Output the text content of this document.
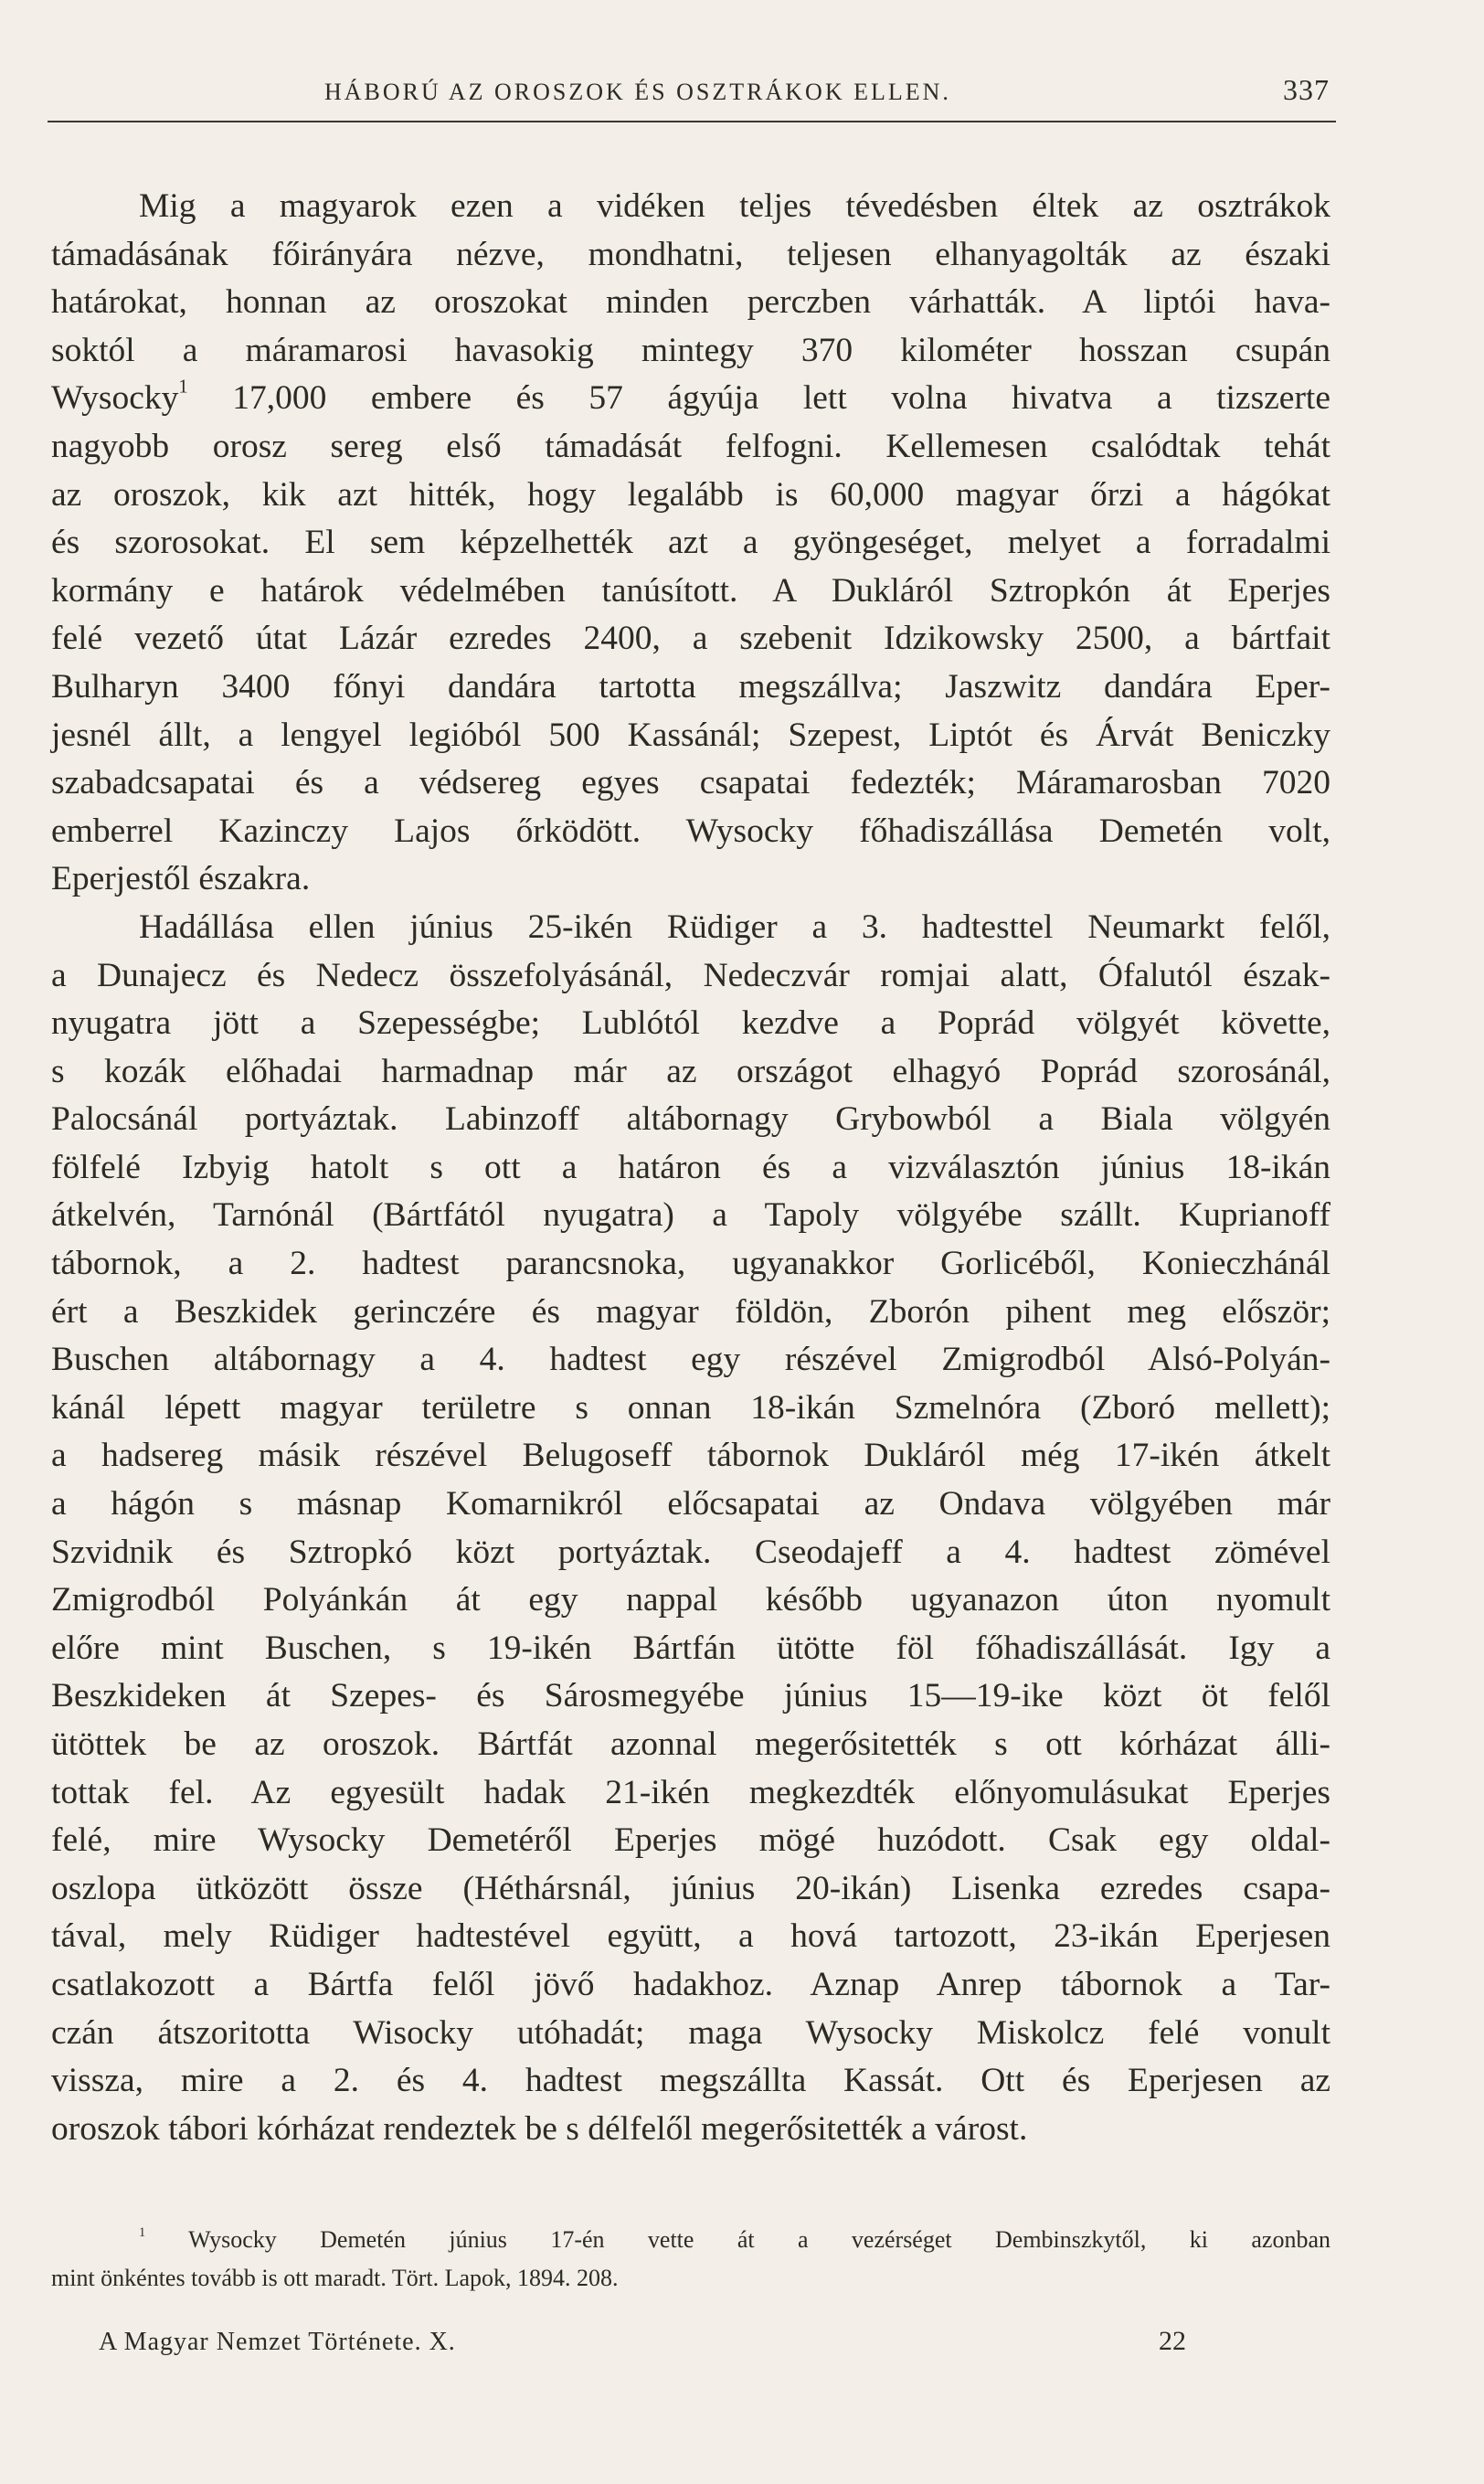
HÁBORÚ AZ OROSZOK ÉS OSZTRÁKOK ELLEN.	337
Mig a magyarok ezen a vidéken teljes tévedésben éltek az osztrákok
támadásának főirányára nézve, mondhatni, teljesen elhanyagolták az északi
határokat, honnan az oroszokat minden perczben várhatták. A liptói hava-
soktól a máramarosi havasokig mintegy 370 kilométer hosszan csupán
Wysocky$^1$ 17,000 embere és 57 ágyúja lett volna hivatva a tizszerte
nagyobb orosz sereg első támadását felfogni. Kellemesen csalódtak tehát
az oroszok, kik azt hitték, hogy legalább is 60,000 magyar őrzi a hágókat
és szorosokat. El sem képzelhették azt a gyöngeséget, melyet a forradalmi
kormány e határok védelmében tanúsított. A Dukláról Sztropkón át Eperjes
felé vezető útat Lázár ezredes 2400, a szebenit Idzikowsky 2500, a bártfait
Bulharyn 3400 főnyi dandára tartotta megszállva; Jaszwitz dandára Eper-
jesnél állt, a lengyel legióból 500 Kassánál; Szepest, Liptót és Árvát Beniczky
szabadcsapatai és a védsereg egyes csapatai fedezték; Máramarosban 7020
emberrel Kazinczy Lajos őrködött. Wysocky főhadiszállása Demetén volt,
Eperjestől északra.
Hadállása ellen június 25-ikén Rüdiger a 3. hadtesttel Neumarkt felől,
a Dunajecz és Nedecz összefolyásánál, Nedeczvár romjai alatt, Ófalutól észak-
nyugatra jött a Szepességbe; Lublótól kezdve a Poprád völgyét követte,
s kozák előhadai harmadnap már az országot elhagyó Poprád szorosánál,
Palocsánál portyáztak. Labinzoff altábornagy Grybowból a Biala völgyén
fölfelé Izbyig hatolt s ott a határon és a vizválasztón június 18-ikán
átkelvén, Tarnónál (Bártfától nyugatra) a Tapoly völgyébe szállt. Kuprianoff
tábornok, a 2. hadtest parancsnoka, ugyanakkor Gorlicéből, Konieczhánál
ért a Beszkidek gerinczére és magyar földön, Zborón pihent meg először;
Buschen altábornagy a 4. hadtest egy részével Zmigrodból Alsó-Polyán-
kánál lépett magyar területre s onnan 18-ikán Szmelnóra (Zboró mellett);
a hadsereg másik részével Belugoseff tábornok Dukláról még 17-ikén átkelt
a hágón s másnap Komarnikról előcsapatai az Ondava völgyében már
Szvidnik és Sztropkó közt portyáztak. Cseodajeff a 4. hadtest zömével
Zmigrodból Polyánkán át egy nappal később ugyanazon úton nyomult
előre mint Buschen, s 19-ikén Bártfán ütötte föl főhadiszállását. Igy a
Beszkideken át Szepes- és Sárosmegyébe június 15—19-ike közt öt felől
ütöttek be az oroszok. Bártfát azonnal megerősitették s ott kórházat álli-
tottak fel. Az egyesült hadak 21-ikén megkezdték előnyomulásukat Eperjes
felé, mire Wysocky Demetéről Eperjes mögé huzódott. Csak egy oldal-
oszlopa ütközött össze (Héthársnál, június 20-ikán) Lisenka ezredes csapa-
tával, mely Rüdiger hadtestével együtt, a hová tartozott, 23-ikán Eperjesen
csatlakozott a Bártfa felől jövő hadakhoz. Aznap Anrep tábornok a Tar-
czán átszoritotta Wisocky utóhadát; maga Wysocky Miskolcz felé vonult
vissza, mire a 2. és 4. hadtest megszállta Kassát. Ott és Eperjesen az
oroszok tábori kórházat rendeztek be s délfelől megerősitették a várost.
$^1$ Wysocky Demetén június 17-én vette át a vezérséget Dembinszkytől, ki azonban
mint önkéntes tovább is ott maradt. Tört. Lapok, 1894. 208.
A Magyar Nemzet Története. X.	22
